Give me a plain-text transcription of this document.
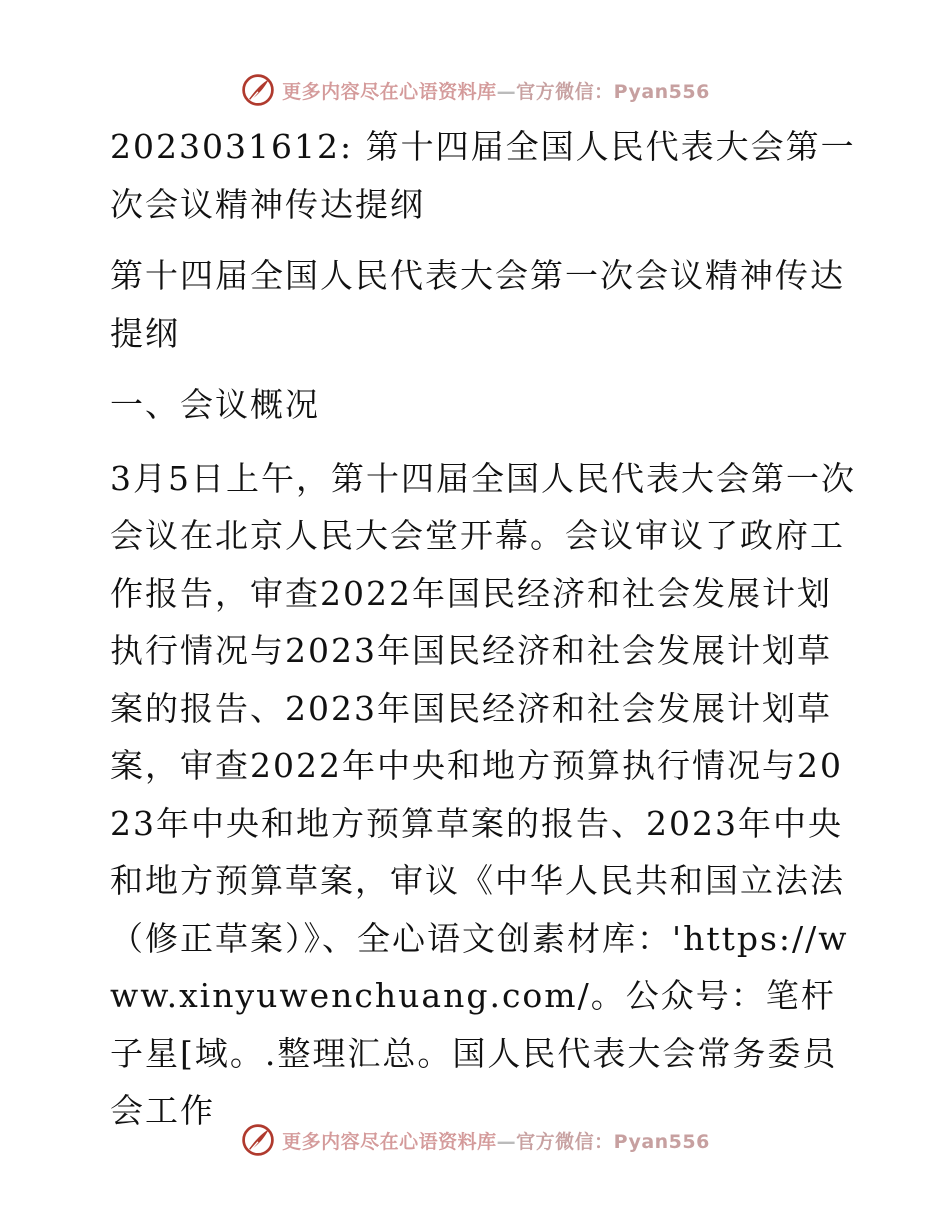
更多内容尽在心语资料库—官方微信：Pyan556

2023031612: 第十四届全国人民代表大会第一次会议精神传达提纲

第十四届全国人民代表大会第一次会议精神传达提纲

一、会议概况

3月5日上午，第十四届全国人民代表大会第一次会议在北京人民大会堂开幕。会议审议了政府工作报告，审查2022年国民经济和社会发展计划执行情况与2023年国民经济和社会发展计划草案的报告、2023年国民经济和社会发展计划草案，审查2022年中央和地方预算执行情况与2023年中央和地方预算草案的报告、2023年中央和地方预算草案，审议《中华人民共和国立法法（修正草案）》、全心语文创素材库：'https://www.xinyuwenchuang.com/。公众号：笔杆子星[域。.整理汇总。国人民代表大会常务委员会工作

更多内容尽在心语资料库—官方微信：Pyan556
